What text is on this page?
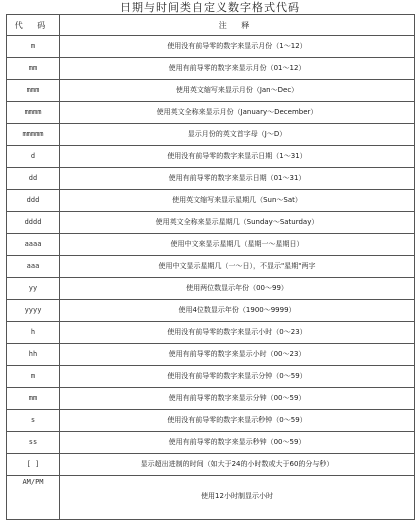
日期与时间类自定义数字格式代码
代 码	注 释
m	使用没有前导零的数字来显示月份（1～12）
mm	使用有前导零的数字来显示月份（01～12）
mmm	使用英文缩写来显示月份（Jan～Dec）
mmmm	使用英文全称来显示月份（January～December）
mmmmm	显示月份的英文首字母（J～D）
d	使用没有前导零的数字来显示日期（1～31）
dd	使用有前导零的数字来显示日期（01～31）
ddd	使用英文缩写来显示星期几（Sun～Sat）
dddd	使用英文全称来显示星期几（Sunday～Saturday）
aaaa	使用中文来显示星期几（星期一～星期日）
aaa	使用中文显示星期几（一～日），不显示"星期"两字
yy	使用两位数显示年份（00～99）
yyyy	使用4位数显示年份（1900～9999）
h	使用没有前导零的数字来显示小时（0～23）
hh	使用有前导零的数字来显示小时（00～23）
m	使用没有前导零的数字来显示分钟（0～59）
mm	使用有前导零的数字来显示分钟（00～59）
s	使用没有前导零的数字来显示秒钟（0～59）
ss	使用有前导零的数字来显示秒钟（00～59）
[ ]	显示超出进制的时间（如大于24的小时数或大于60的分与秒）
AM/PM	使用12小时制显示小时
